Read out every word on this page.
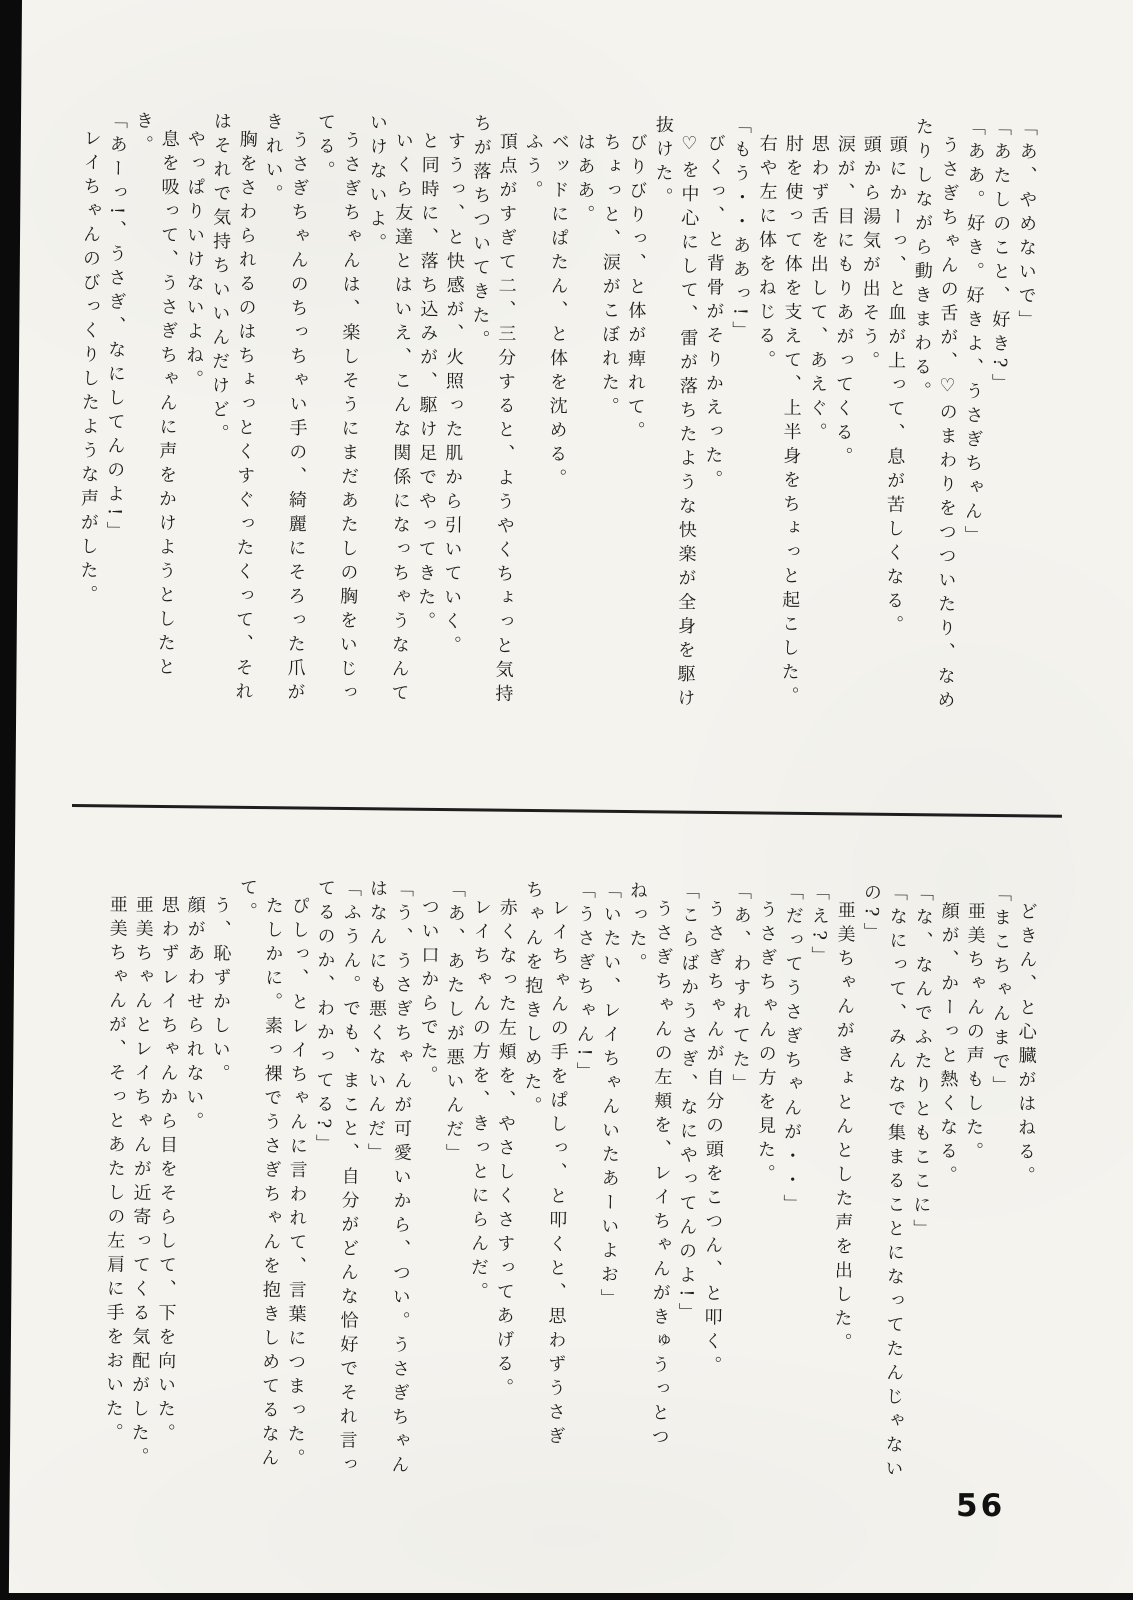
「あ、やめないで」

「あたしのこと、好き?」

「ああ。好き。好きよ、うさぎちゃん」

うさぎちゃんの舌が、♡のまわりをつついたり、なめたりしながら動きまわる。

頭にかーっ、と血が上って、息が苦しくなる。

頭から湯気が出そう。

涙が、目にもりあがってくる。

思わず舌を出して、あえぐ。

肘を使って体を支えて、上半身をちょっと起こした。

右や左に体をねじる。

「もう・・ああっ!」

びくっ、と背骨がそりかえった。

♡を中心にして、雷が落ちたような快楽が全身を駆け抜けた。

びりびりっ、と体が痺れて。

ちょっと、涙がこぼれた。

はああ。

ベッドにぱたん、と体を沈める。

ふう。

頂点がすぎて二、三分すると、ようやくちょっと気持ちが落ちついてきた。

すうっ、と快感が、火照った肌から引いていく。

と同時に、落ち込みが、駆け足でやってきた。

いくら友達とはいえ、こんな関係になっちゃうなんていけないよ。

うさぎちゃんは、楽しそうにまだあたしの胸をいじってる。

うさぎちゃんのちっちゃい手の、綺麗にそろった爪がきれい。

胸をさわられるのはちょっとくすぐったくって、それはそれで気持ちいいんだけど。

やっぱりいけないよね。

息を吸って、うさぎちゃんに声をかけようとしたとき。

「あーっ!、うさぎ、なにしてんのよ!」

レイちゃんのびっくりしたような声がした。

どきん、と心臓がはねる。

「まこちゃんまで」

亜美ちゃんの声もした。

顔が、かーっと熱くなる。

「な、なんでふたりともここに」

「なにって、みんなで集まることになってたんじゃないの?」

亜美ちゃんがきょとんとした声を出した。

「え?」

「だってうさぎちゃんが・・」

うさぎちゃんの方を見た。

「あ、わすれてた」

うさぎちゃんが自分の頭をこつん、と叩く。

「こらばかうさぎ、なにやってんのよ!」

うさぎちゃんの左頬を、レイちゃんがきゅうっとつねった。

「いたい、レイちゃんいたあーいよお」

「うさぎちゃん!」

レイちゃんの手をぱしっ、と叩くと、思わずうさぎちゃんを抱きしめた。

赤くなった左頬を、やさしくさすってあげる。

レイちゃんの方を、きっとにらんだ。

「あ、あたしが悪いんだ」

つい口からでた。

「う、うさぎちゃんが可愛いから、つい。うさぎちゃんはなんにも悪くないんだ」

「ふうん。でも、まこと、自分がどんな恰好でそれ言ってるのか、わかってる?」

ぴしっ、とレイちゃんに言われて、言葉につまった。

たしかに。素っ裸でうさぎちゃんを抱きしめてるなんて。

う、恥ずかしい。

顔があわせられない。

思わずレイちゃんから目をそらして、下を向いた。

亜美ちゃんとレイちゃんが近寄ってくる気配がした。

亜美ちゃんが、そっとあたしの左肩に手をおいた。

56
